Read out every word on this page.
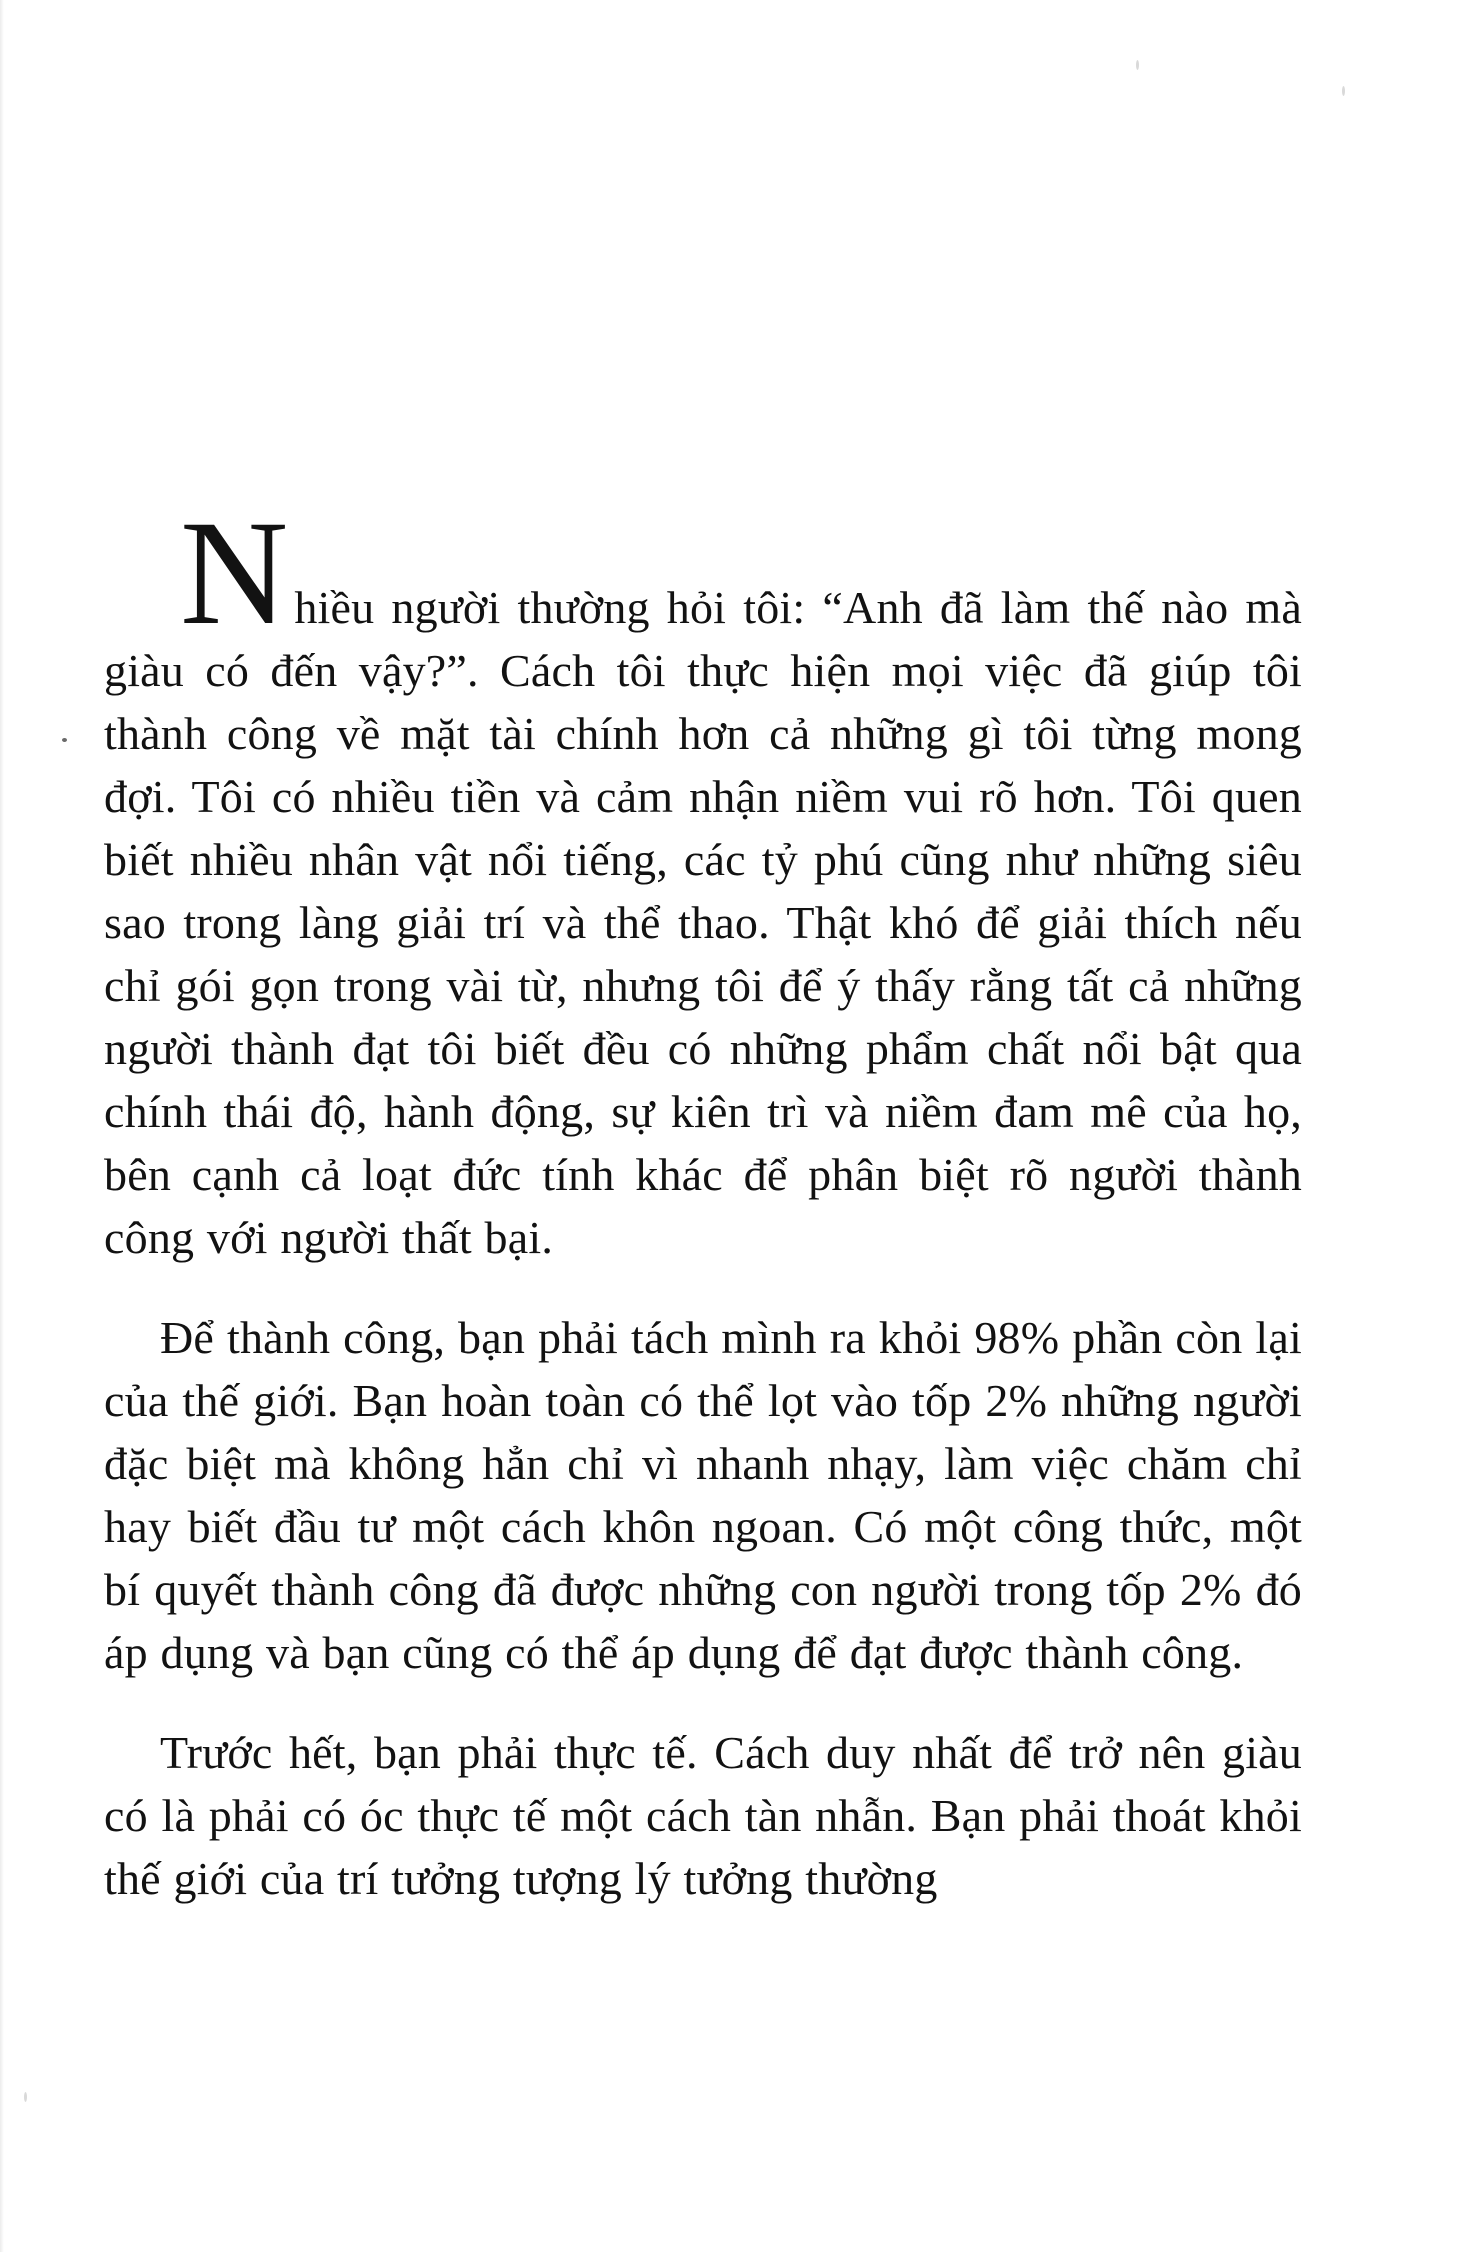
Nhiều người thường hỏi tôi: “Anh đã làm thế nào mà giàu có đến vậy?”. Cách tôi thực hiện mọi việc đã giúp tôi thành công về mặt tài chính hơn cả những gì tôi từng mong đợi. Tôi có nhiều tiền và cảm nhận niềm vui rõ hơn. Tôi quen biết nhiều nhân vật nổi tiếng, các tỷ phú cũng như những siêu sao trong làng giải trí và thể thao. Thật khó để giải thích nếu chỉ gói gọn trong vài từ, nhưng tôi để ý thấy rằng tất cả những người thành đạt tôi biết đều có những phẩm chất nổi bật qua chính thái độ, hành động, sự kiên trì và niềm đam mê của họ, bên cạnh cả loạt đức tính khác để phân biệt rõ người thành công với người thất bại.

Để thành công, bạn phải tách mình ra khỏi 98% phần còn lại của thế giới. Bạn hoàn toàn có thể lọt vào tốp 2% những người đặc biệt mà không hẳn chỉ vì nhanh nhạy, làm việc chăm chỉ hay biết đầu tư một cách khôn ngoan. Có một công thức, một bí quyết thành công đã được những con người trong tốp 2% đó áp dụng và bạn cũng có thể áp dụng để đạt được thành công.

Trước hết, bạn phải thực tế. Cách duy nhất để trở nên giàu có là phải có óc thực tế một cách tàn nhẫn. Bạn phải thoát khỏi thế giới của trí tưởng tượng lý tưởng thường
